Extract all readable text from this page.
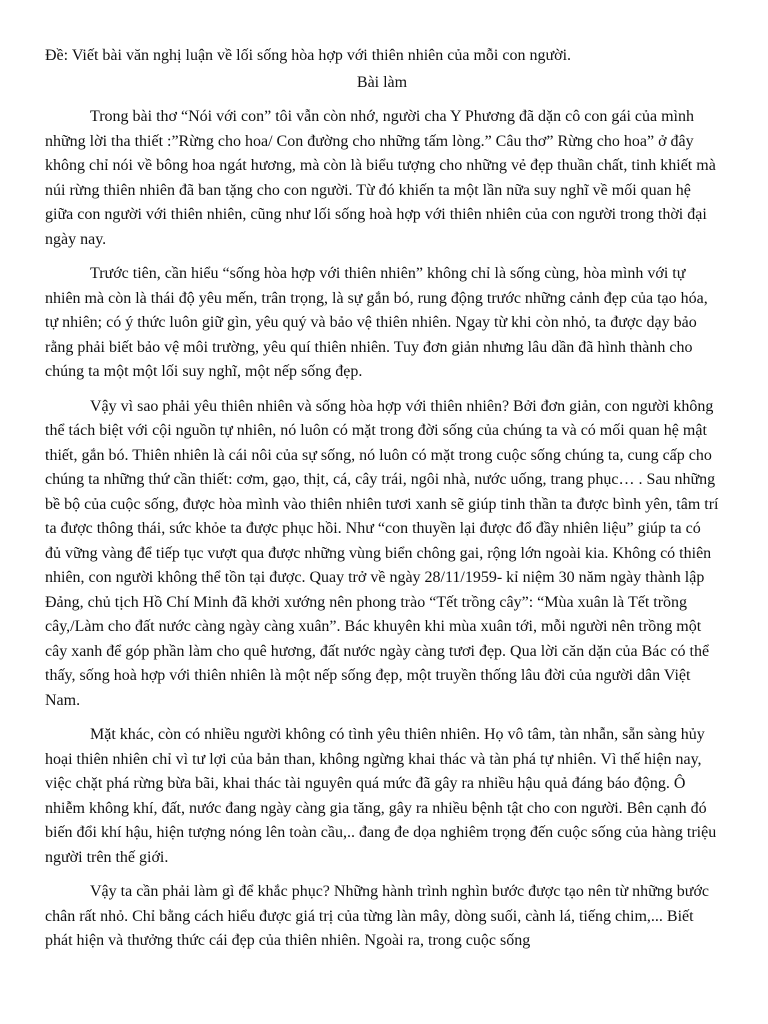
Đề: Viết bài văn nghị luận về lối sống hòa hợp với thiên nhiên của mỗi con người.

Bài làm

Trong bài thơ “Nói với con” tôi vẫn còn nhớ, người cha Y Phương đã dặn cô con gái của mình những lời tha thiết :”Rừng cho hoa/ Con đường cho những tấm lòng.” Câu thơ” Rừng cho hoa” ở đây không chỉ nói về bông hoa ngát hương, mà còn là biểu tượng cho những vẻ đẹp thuần chất, tinh khiết mà núi rừng thiên nhiên đã ban tặng cho con người. Từ đó khiến ta một lần nữa suy nghĩ về mối quan hệ giữa con người với thiên nhiên, cũng như lối sống hoà hợp với thiên nhiên của con người trong thời đại ngày nay.

Trước tiên, cần hiểu “sống hòa hợp với thiên nhiên” không chỉ là sống cùng, hòa mình với tự nhiên mà còn là thái độ yêu mến, trân trọng, là sự gắn bó, rung động trước những cảnh đẹp của tạo hóa, tự nhiên; có ý thức luôn giữ gìn, yêu quý và bảo vệ thiên nhiên. Ngay từ khi còn nhỏ, ta được dạy bảo rằng phải biết bảo vệ môi trường, yêu quí thiên nhiên. Tuy đơn giản nhưng lâu dần đã hình thành cho chúng ta một một lối suy nghĩ, một nếp sống đẹp.

Vậy vì sao phải yêu thiên nhiên và sống hòa hợp với thiên nhiên? Bởi đơn giản, con người không thể tách biệt với cội nguồn tự nhiên, nó luôn có mặt trong đời sống của chúng ta và có mối quan hệ mật thiết, gắn bó. Thiên nhiên là cái nôi của sự sống, nó luôn có mặt trong cuộc sống chúng ta, cung cấp cho chúng ta những thứ cần thiết: cơm, gạo, thịt, cá, cây trái, ngôi nhà, nước uống, trang phục… . Sau những bề bộ của cuộc sống, được hòa mình vào thiên nhiên tươi xanh sẽ giúp tinh thần ta được bình yên, tâm trí ta được thông thái, sức khỏe ta được phục hồi. Như “con thuyền lại được đổ đầy nhiên liệu” giúp ta có đủ vững vàng để tiếp tục vượt qua được những vùng biển chông gai, rộng lớn ngoài kia. Không có thiên nhiên, con người không thể tồn tại được. Quay trở về ngày 28/11/1959- kỉ niệm 30 năm ngày thành lập Đảng, chủ tịch Hồ Chí Minh đã khởi xướng nên phong trào “Tết trồng cây”: “Mùa xuân là Tết trồng cây,/Làm cho đất nước càng ngày càng xuân”. Bác khuyên khi mùa xuân tới, mỗi người nên trồng một cây xanh để góp phần làm cho quê hương, đất nước ngày càng tươi đẹp. Qua lời căn dặn của Bác có thể thấy, sống hoà hợp với thiên nhiên là một nếp sống đẹp, một truyền thống lâu đời của người dân Việt Nam.

Mặt khác, còn có nhiều người không có tình yêu thiên nhiên. Họ vô tâm, tàn nhẫn, sẵn sàng hủy hoại thiên nhiên chỉ vì tư lợi của bản than, không ngừng khai thác và tàn phá tự nhiên. Vì thế hiện nay, việc chặt phá rừng bừa bãi, khai thác tài nguyên quá mức đã gây ra nhiều hậu quả đáng báo động. Ô nhiễm không khí, đất, nước đang ngày càng gia tăng, gây ra nhiều bệnh tật cho con người. Bên cạnh đó biến đổi khí hậu, hiện tượng nóng lên toàn cầu,.. đang đe dọa nghiêm trọng đến cuộc sống của hàng triệu người trên thế giới.

Vậy ta cần phải làm gì để khắc phục? Những hành trình nghìn bước được tạo nên từ những bước chân rất nhỏ. Chỉ bằng cách hiểu được giá trị của từng làn mây, dòng suối, cành lá, tiếng chim,... Biết phát hiện và thưởng thức cái đẹp của thiên nhiên. Ngoài ra, trong cuộc sống
